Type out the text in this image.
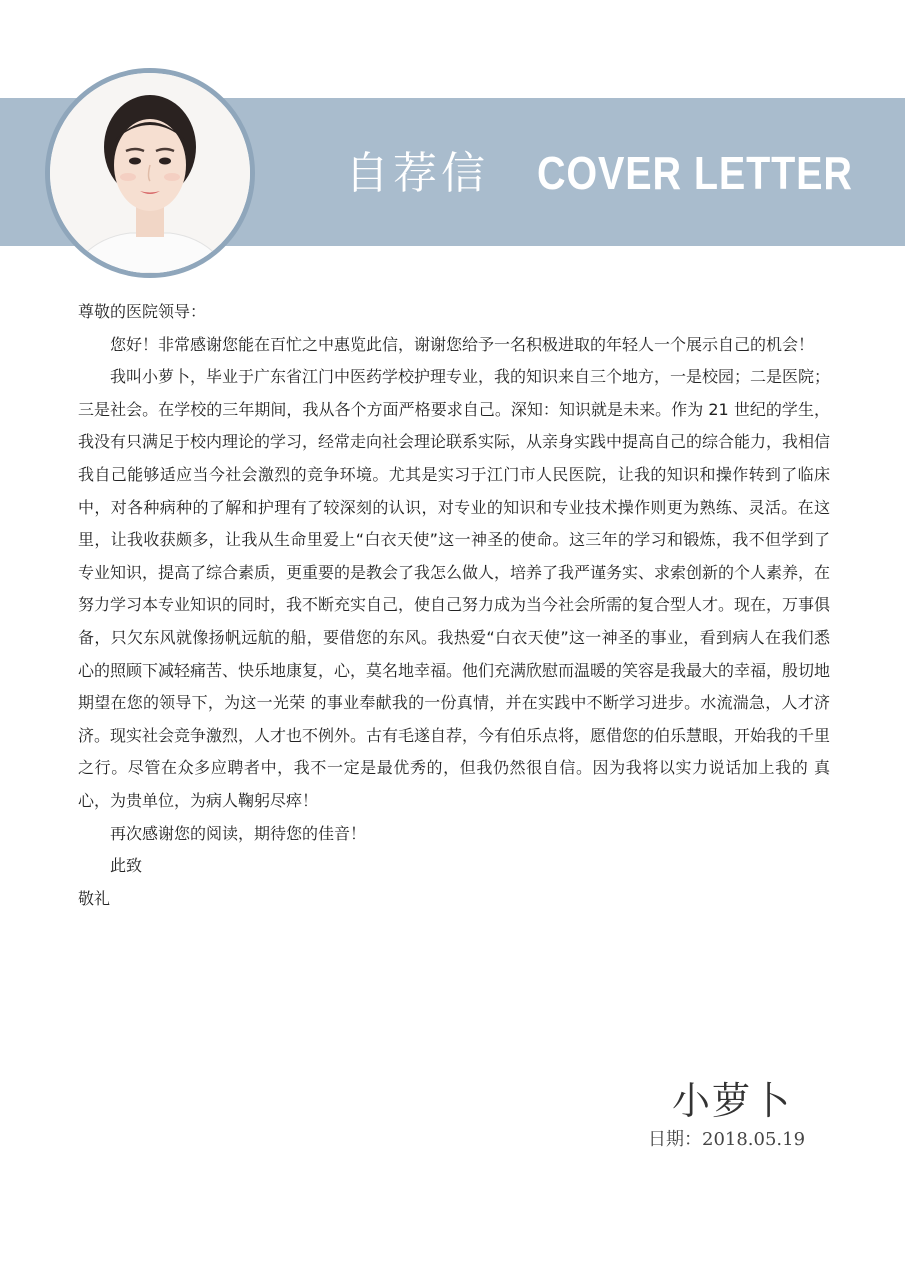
自荐信 COVER LETTER

尊敬的医院领导：

您好！非常感谢您能在百忙之中惠览此信，谢谢您给予一名积极进取的年轻人一个展示自己的机会！

我叫小萝卜，毕业于广东省江门中医药学校护理专业，我的知识来自三个地方，一是校园；二是医院；三是社会。在学校的三年期间，我从各个方面严格要求自己。深知：知识就是未来。作为 21 世纪的学生，我没有只满足于校内理论的学习，经常走向社会理论联系实际，从亲身实践中提高自己的综合能力，我相信我自己能够适应当今社会激烈的竞争环境。尤其是实习于江门市人民医院，让我的知识和操作转到了临床中，对各种病种的了解和护理有了较深刻的认识，对专业的知识和专业技术操作则更为熟练、灵活。在这里，让我收获颇多，让我从生命里爱上“白衣天使”这一神圣的使命。这三年的学习和锻炼，我不但学到了专业知识，提高了综合素质，更重要的是教会了我怎么做人，培养了我严谨务实、求索创新的个人素养，在努力学习本专业知识的同时，我不断充实自己，使自己努力成为当今社会所需的复合型人才。现在，万事俱备，只欠东风就像扬帆远航的船，要借您的东风。我热爱“白衣天使”这一神圣的事业，看到病人在我们悉心的照顾下减轻痛苦、快乐地康复，心，莫名地幸福。他们充满欣慰而温暖的笑容是我最大的幸福，殷切地期望在您的领导下，为这一光荣 的事业奉献我的一份真情，并在实践中不断学习进步。水流湍急，人才济济。现实社会竞争激烈，人才也不例外。古有毛遂自荐，今有伯乐点将，愿借您的伯乐慧眼，开始我的千里之行。尽管在众多应聘者中，我不一定是最优秀的，但我仍然很自信。因为我将以实力说话加上我的 真心，为贵单位，为病人鞠躬尽瘁！

再次感谢您的阅读，期待您的佳音！

此致

敬礼

小萝卜
日期：2018.05.19
